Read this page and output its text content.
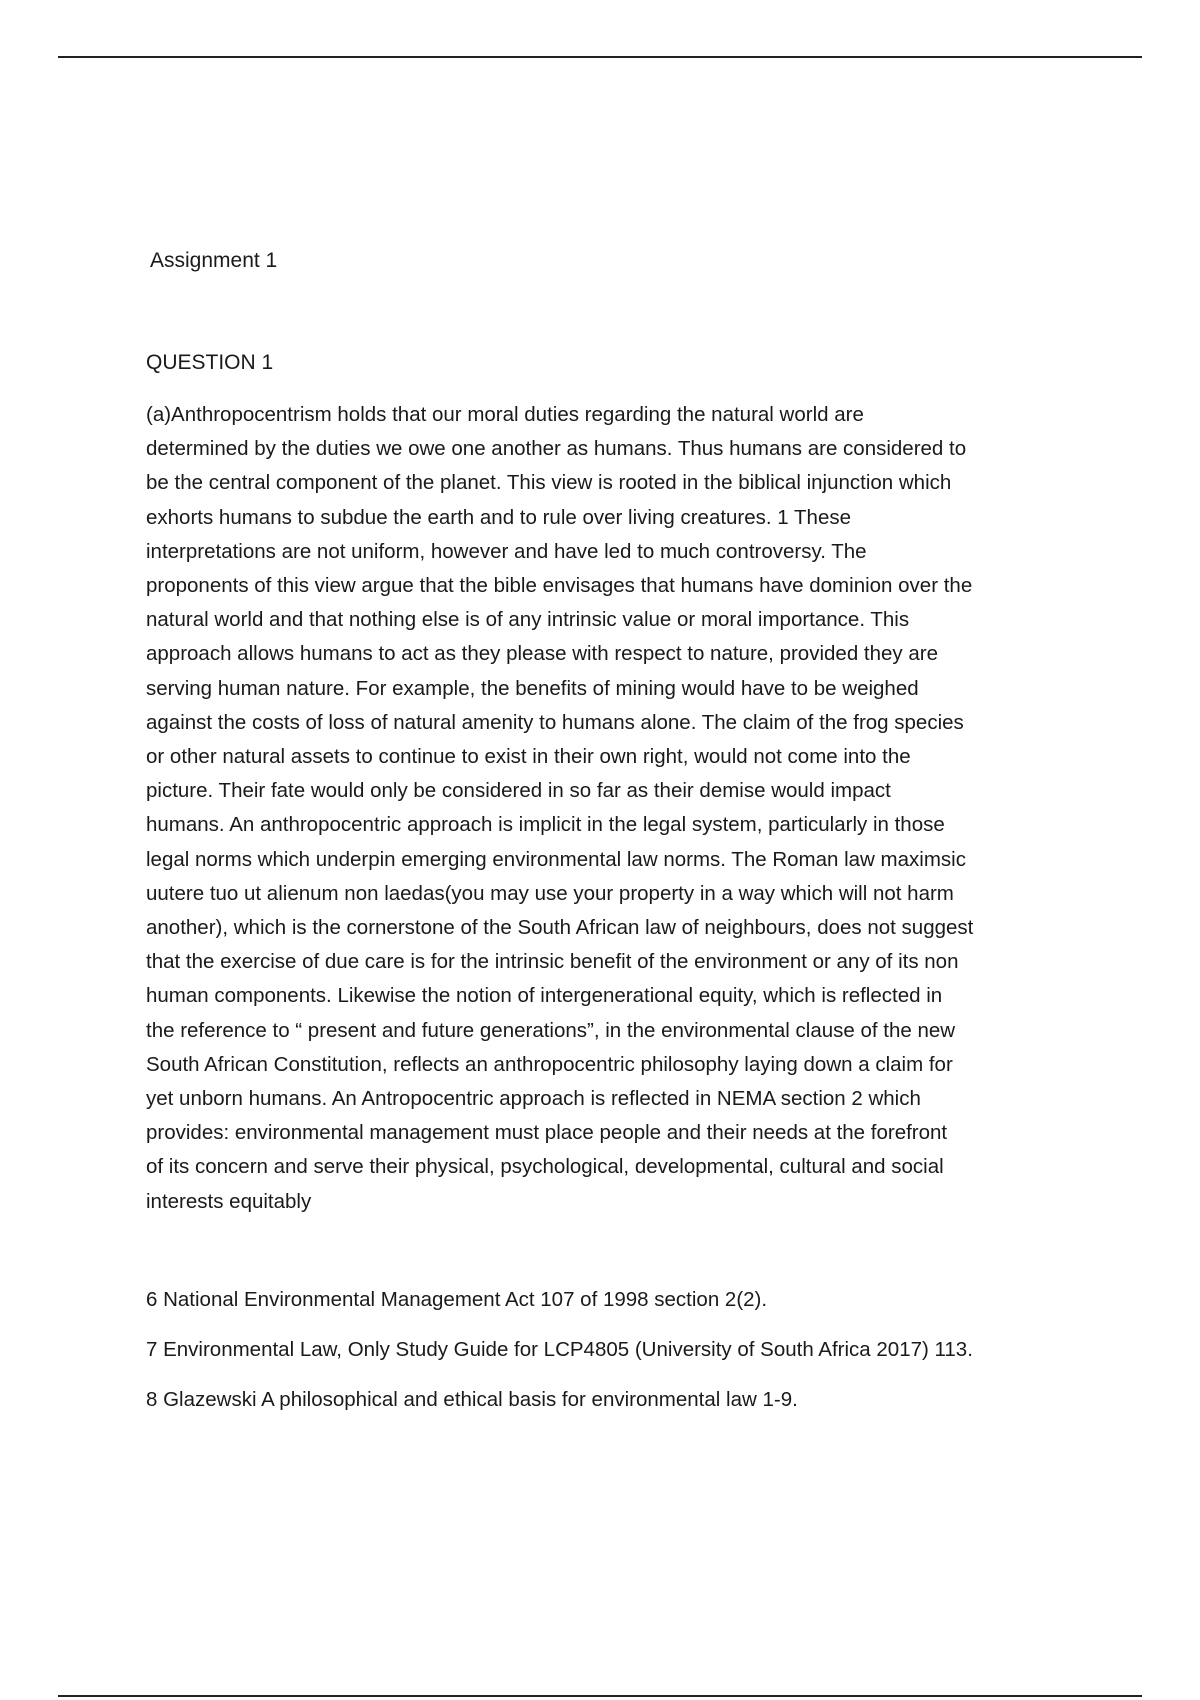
Assignment 1
QUESTION 1
(a)Anthropocentrism holds that our moral duties regarding the natural world are
determined by the duties we owe one another as humans. Thus humans are considered to
be the central component of the planet. This view is rooted in the biblical injunction which
exhorts humans to subdue the earth and to rule over living creatures. 1 These
interpretations are not uniform, however and have led to much controversy. The
proponents of this view argue that the bible envisages that humans have dominion over the
natural world and that nothing else is of any intrinsic value or moral importance. This
approach allows humans to act as they please with respect to nature, provided they are
serving human nature. For example, the benefits of mining would have to be weighed
against the costs of loss of natural amenity to humans alone. The claim of the frog species
or other natural assets to continue to exist in their own right, would not come into the
picture. Their fate would only be considered in so far as their demise would impact
humans. An anthropocentric approach is implicit in the legal system, particularly in those
legal norms which underpin emerging environmental law norms. The Roman law maximsic
uutere tuo ut alienum non laedas(you may use your property in a way which will not harm
another), which is the cornerstone of the South African law of neighbours, does not suggest
that the exercise of due care is for the intrinsic benefit of the environment or any of its non
human components. Likewise the notion of intergenerational equity, which is reflected in
the reference to “ present and future generations”, in the environmental clause of the new
South African Constitution, reflects an anthropocentric philosophy laying down a claim for
yet unborn humans. An Antropocentric approach is reflected in NEMA section 2 which
provides: environmental management must place people and their needs at the forefront
of its concern and serve their physical, psychological, developmental, cultural and social
interests equitably
6 National Environmental Management Act 107 of 1998 section 2(2).
7 Environmental Law, Only Study Guide for LCP4805 (University of South Africa 2017) 113.
8 Glazewski A philosophical and ethical basis for environmental law 1-9.
